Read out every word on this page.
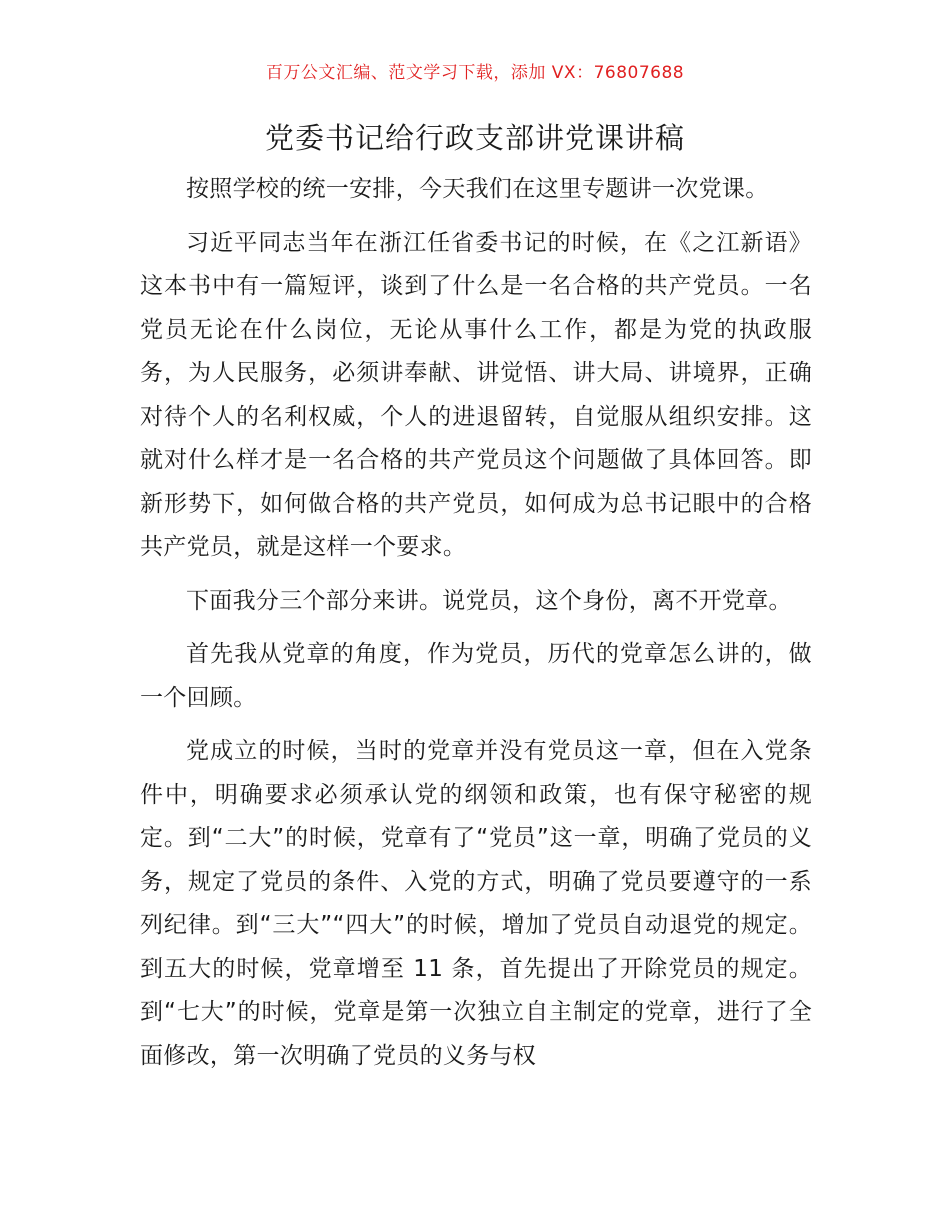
百万公文汇编、范文学习下载，添加 VX：76807688
党委书记给行政支部讲党课讲稿

按照学校的统一安排，今天我们在这里专题讲一次党课。

习近平同志当年在浙江任省委书记的时候，在《之江新语》这本书中有一篇短评，谈到了什么是一名合格的共产党员。一名党员无论在什么岗位，无论从事什么工作，都是为党的执政服务，为人民服务，必须讲奉献、讲觉悟、讲大局、讲境界，正确对待个人的名利权威，个人的进退留转，自觉服从组织安排。这就对什么样才是一名合格的共产党员这个问题做了具体回答。即新形势下，如何做合格的共产党员，如何成为总书记眼中的合格共产党员，就是这样一个要求。

下面我分三个部分来讲。说党员，这个身份，离不开党章。

首先我从党章的角度，作为党员，历代的党章怎么讲的，做一个回顾。

党成立的时候，当时的党章并没有党员这一章，但在入党条件中，明确要求必须承认党的纲领和政策，也有保守秘密的规定。到“二大”的时候，党章有了“党员”这一章，明确了党员的义务，规定了党员的条件、入党的方式，明确了党员要遵守的一系列纪律。到“三大”“四大”的时候，增加了党员自动退党的规定。到五大的时候，党章增至 11 条，首先提出了开除党员的规定。到“七大”的时候，党章是第一次独立自主制定的党章，进行了全面修改，第一次明确了党员的义务与权
